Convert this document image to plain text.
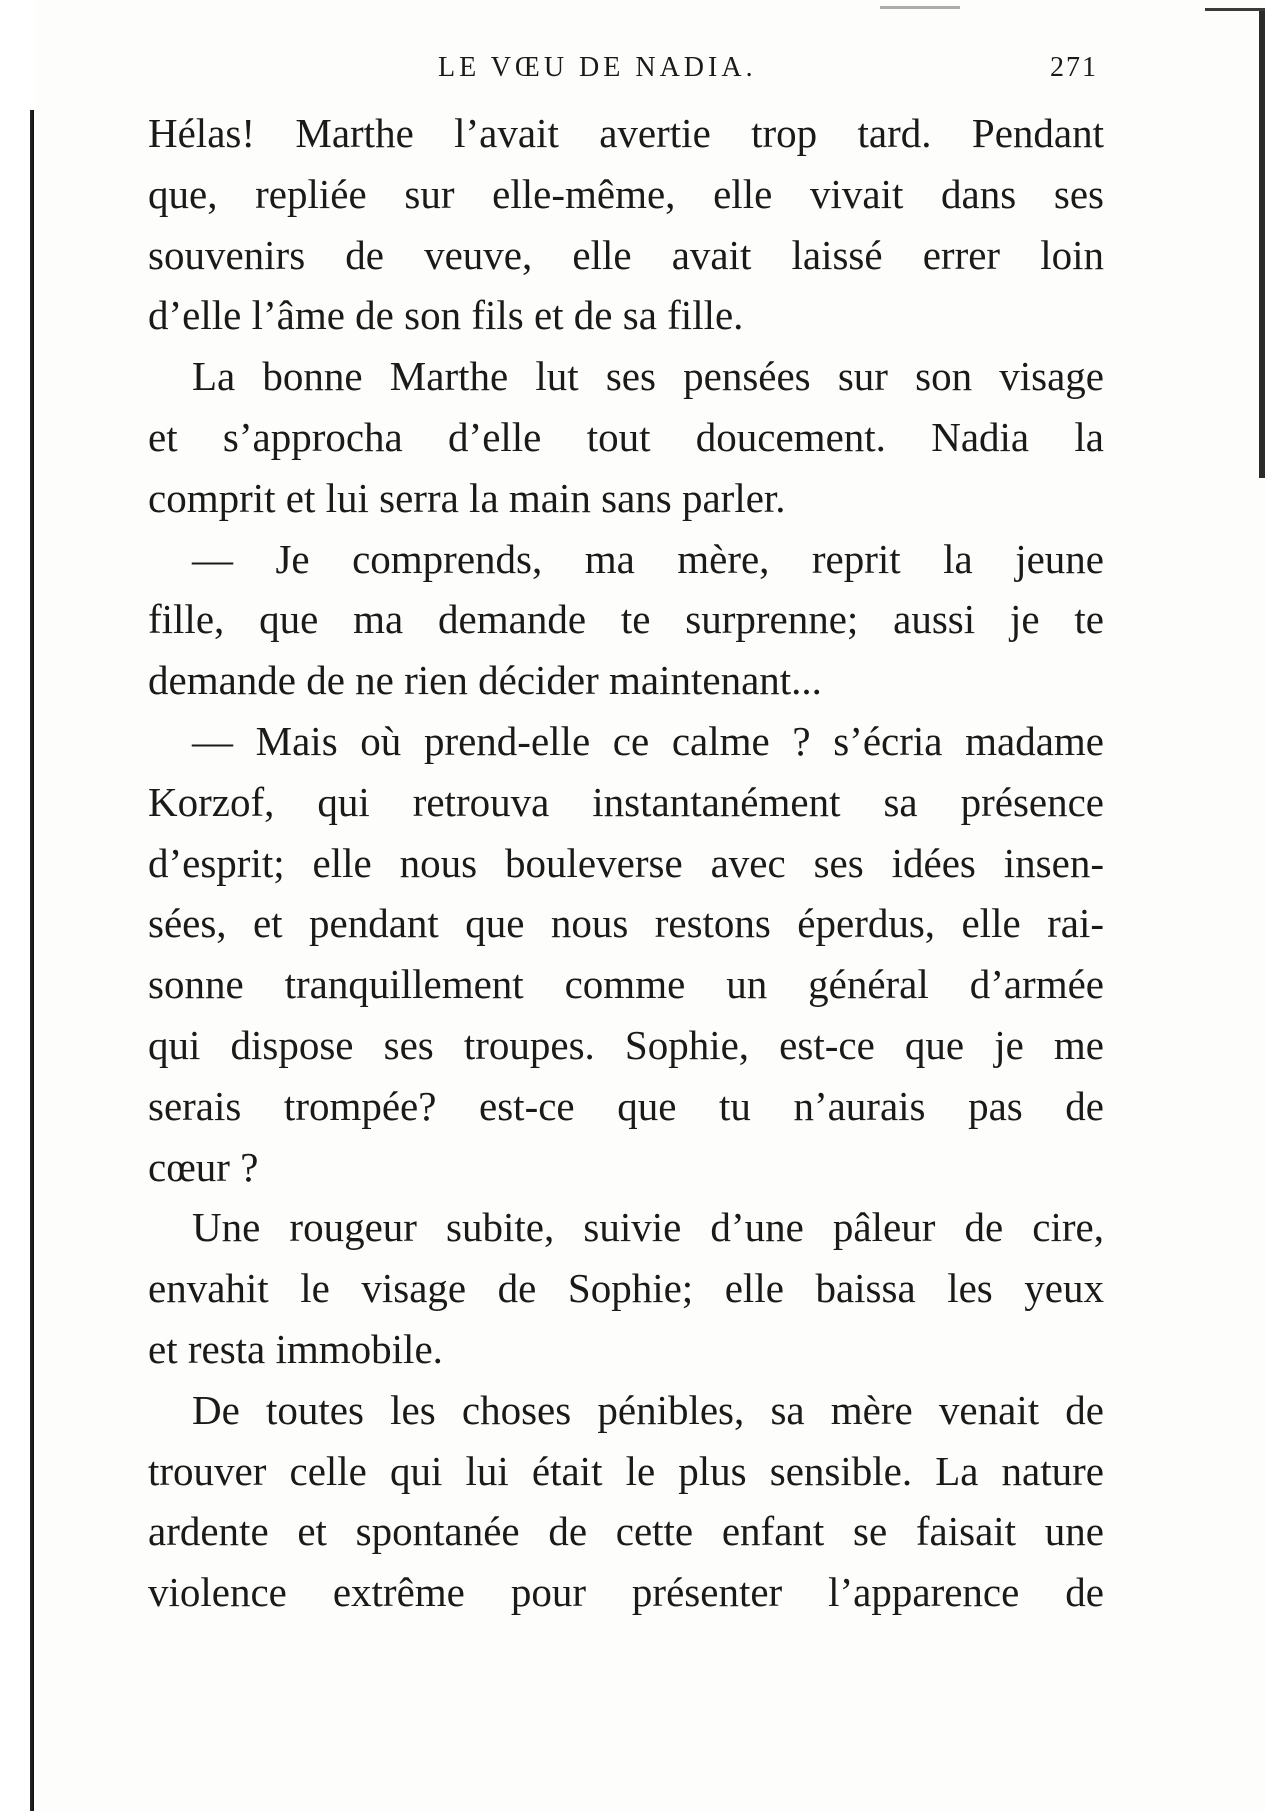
LE VŒU DE NADIA.	271
Hélas! Marthe l’avait avertie trop tard. Pendant
que, repliée sur elle-même, elle vivait dans ses
souvenirs de veuve, elle avait laissé errer loin
d’elle l’âme de son fils et de sa fille.
La bonne Marthe lut ses pensées sur son visage
et s’approcha d’elle tout doucement. Nadia la
comprit et lui serra la main sans parler.
— Je comprends, ma mère, reprit la jeune
fille, que ma demande te surprenne; aussi je te
demande de ne rien décider maintenant...
— Mais où prend-elle ce calme ? s’écria madame
Korzof, qui retrouva instantanément sa présence
d’esprit; elle nous bouleverse avec ses idées insen-
sées, et pendant que nous restons éperdus, elle rai-
sonne tranquillement comme un général d’armée
qui dispose ses troupes. Sophie, est-ce que je me
serais trompée? est-ce que tu n’aurais pas de
cœur ?
Une rougeur subite, suivie d’une pâleur de cire,
envahit le visage de Sophie; elle baissa les yeux
et resta immobile.
De toutes les choses pénibles, sa mère venait de
trouver celle qui lui était le plus sensible. La nature
ardente et spontanée de cette enfant se faisait une
violence extrême pour présenter l’apparence de
